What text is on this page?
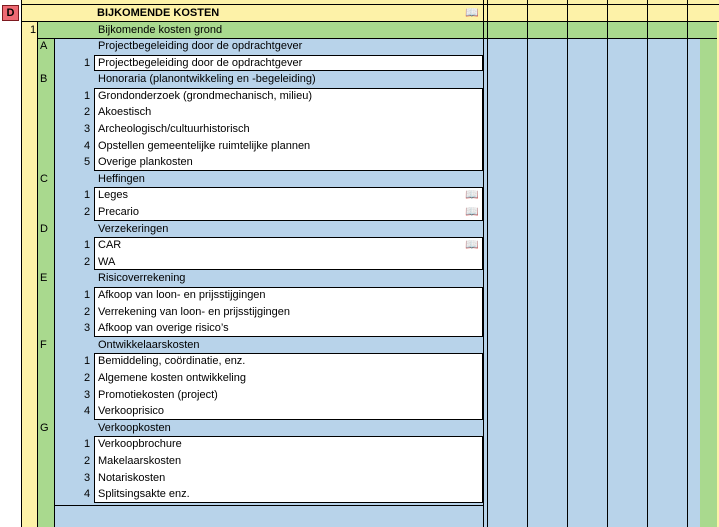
D	BIJKOMENDE KOSTEN	📖
1	Bijkomende kosten grond
A	Projectbegeleiding door de opdrachtgever
1 Projectbegeleiding door de opdrachtgever
B	Honoraria (planontwikkeling en -begeleiding)
1 Grondonderzoek (grondmechanisch, milieu)
2 Akoestisch
3 Archeologisch/cultuurhistorisch
4 Opstellen gemeentelijke ruimtelijke plannen
5 Overige plankosten
C	Heffingen
1 Leges	📖
2 Precario	📖
D	Verzekeringen
1 CAR	📖
2 WA
E	Risicoverrekening
1 Afkoop van loon- en prijsstijgingen
2 Verrekening van loon- en prijsstijgingen
3 Afkoop van overige risico’s
F	Ontwikkelaarskosten
1 Bemiddeling, coördinatie, enz.
2 Algemene kosten ontwikkeling
3 Promotiekosten (project)
4 Verkooprisico
G	Verkoopkosten
1 Verkoopbrochure
2 Makelaarskosten
3 Notariskosten
4 Splitsingsakte enz.
